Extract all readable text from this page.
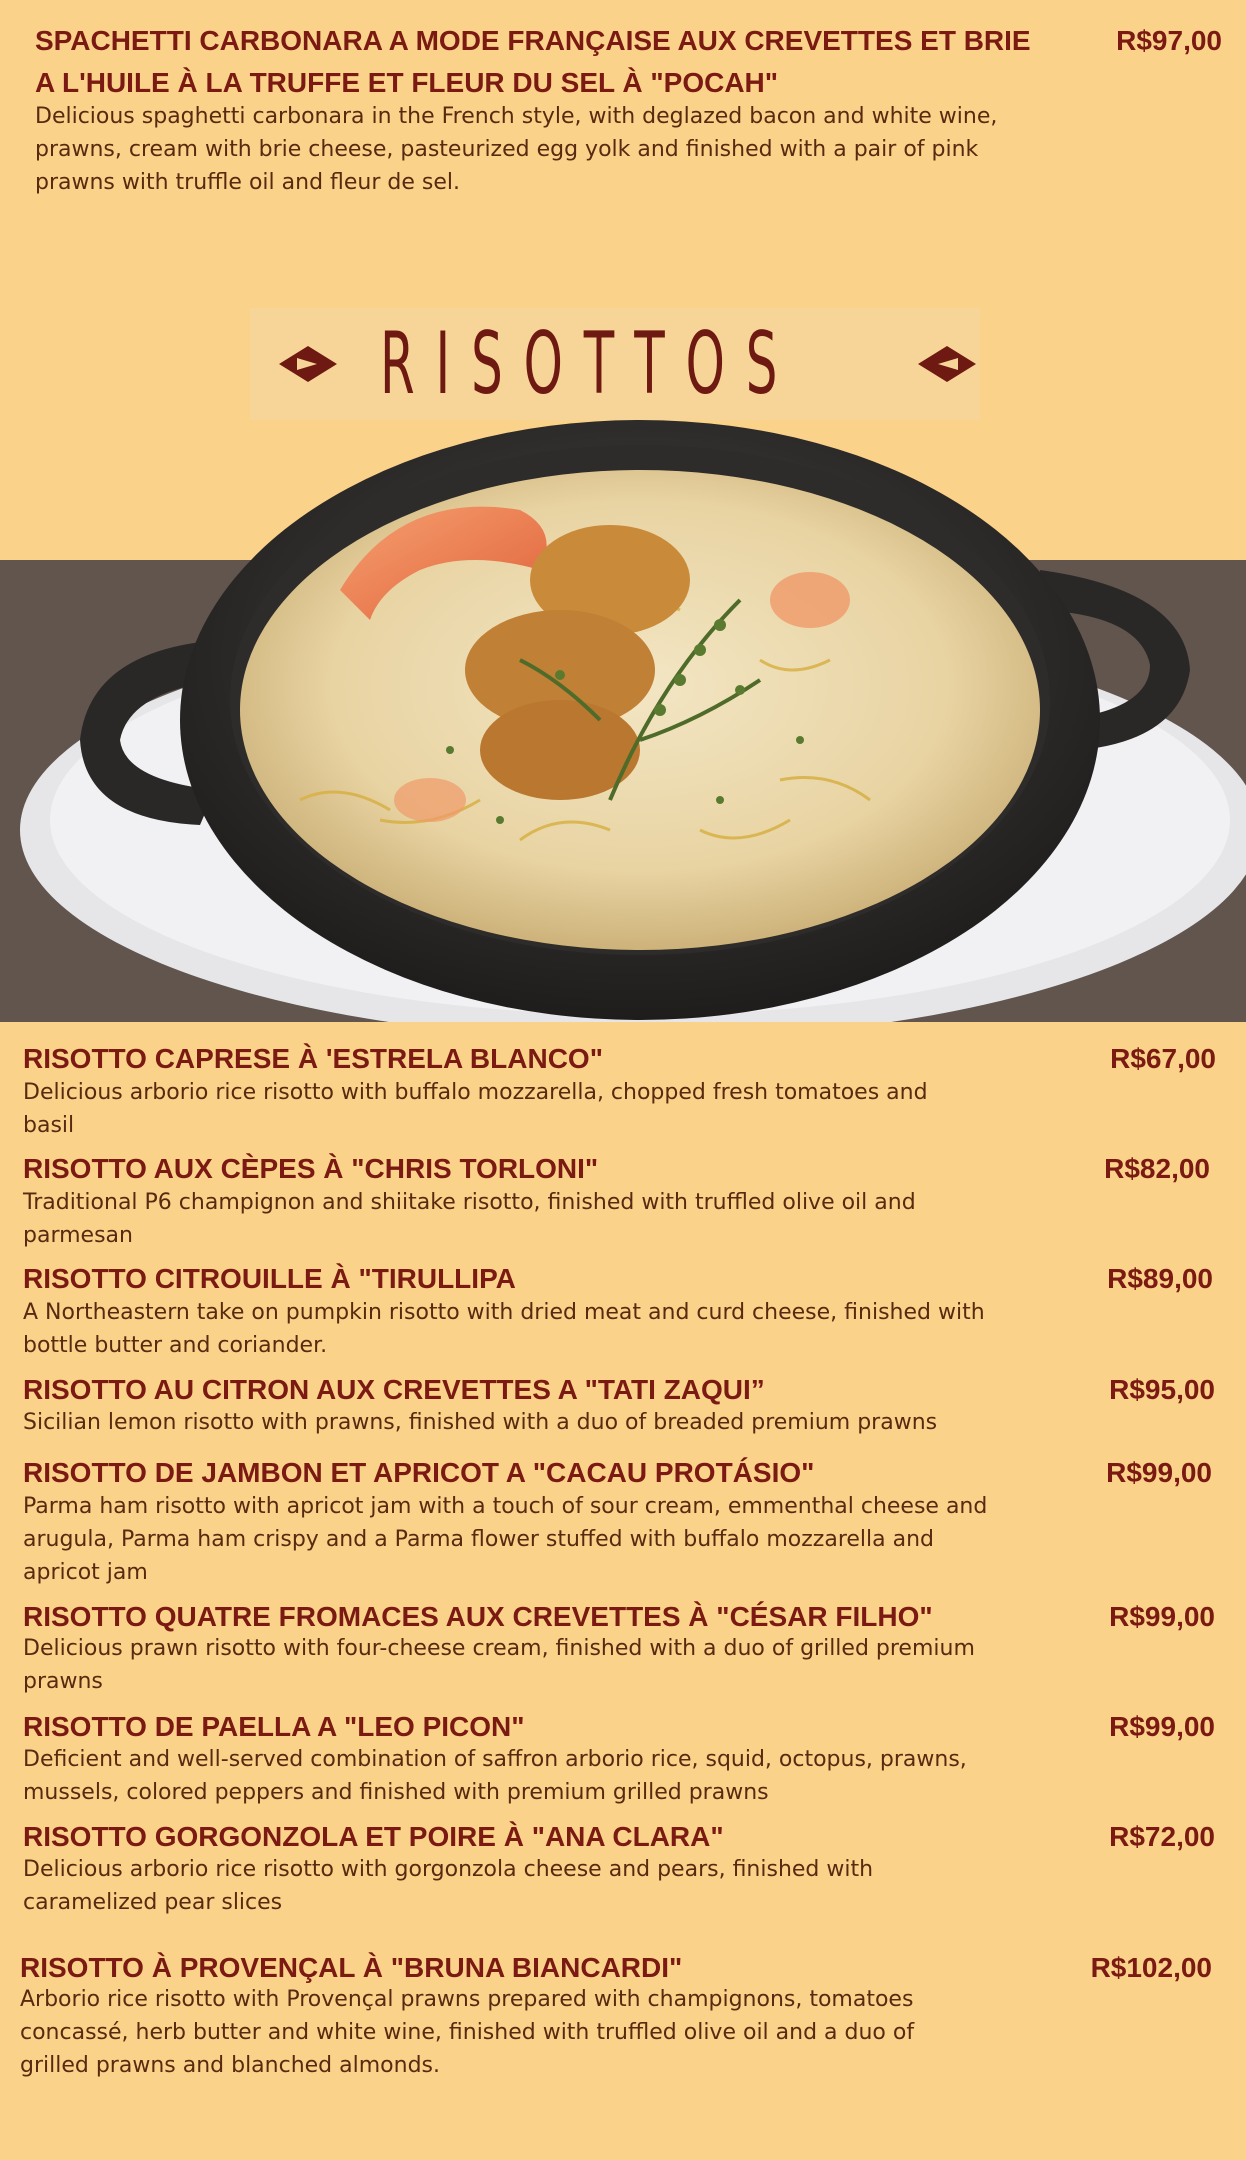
SPACHETTI CARBONARA A MODE FRANÇAISE AUX CREVETTES ET BRIE A L'HUILE À LA TRUFFE ET FLEUR DU SEL À "POCAH"
R$97,00
Delicious spaghetti carbonara in the French style, with deglazed bacon and white wine, prawns, cream with brie cheese, pasteurized egg yolk and finished with a pair of pink prawns with truffle oil and fleur de sel.
RISOTTOS
RISOTTO CAPRESE À 'ESTRELA BLANCO"	R$67,00
Delicious arborio rice risotto with buffalo mozzarella, chopped fresh tomatoes and basil
RISOTTO AUX CÈPES À "CHRIS TORLONI"	R$82,00
Traditional P6 champignon and shiitake risotto, finished with truffled olive oil and parmesan
RISOTTO CITROUILLE À "TIRULLIPA	R$89,00
A Northeastern take on pumpkin risotto with dried meat and curd cheese, finished with bottle butter and coriander.
RISOTTO AU CITRON AUX CREVETTES A "TATI ZAQUI”	R$95,00
Sicilian lemon risotto with prawns, finished with a duo of breaded premium prawns
RISOTTO DE JAMBON ET APRICOT A "CACAU PROTÁSIO"	R$99,00
Parma ham risotto with apricot jam with a touch of sour cream, emmenthal cheese and arugula, Parma ham crispy and a Parma flower stuffed with buffalo mozzarella and apricot jam
RISOTTO QUATRE FROMACES AUX CREVETTES À "CÉSAR FILHO"	R$99,00
Delicious prawn risotto with four-cheese cream, finished with a duo of grilled premium prawns
RISOTTO DE PAELLA A "LEO PICON"	R$99,00
Deficient and well-served combination of saffron arborio rice, squid, octopus, prawns, mussels, colored peppers and finished with premium grilled prawns
RISOTTO GORGONZOLA ET POIRE À "ANA CLARA"	R$72,00
Delicious arborio rice risotto with gorgonzola cheese and pears, finished with caramelized pear slices
RISOTTO À PROVENÇAL À "BRUNA BIANCARDI"	R$102,00
Arborio rice risotto with Provençal prawns prepared with champignons, tomatoes concassé, herb butter and white wine, finished with truffled olive oil and a duo of grilled prawns and blanched almonds.
